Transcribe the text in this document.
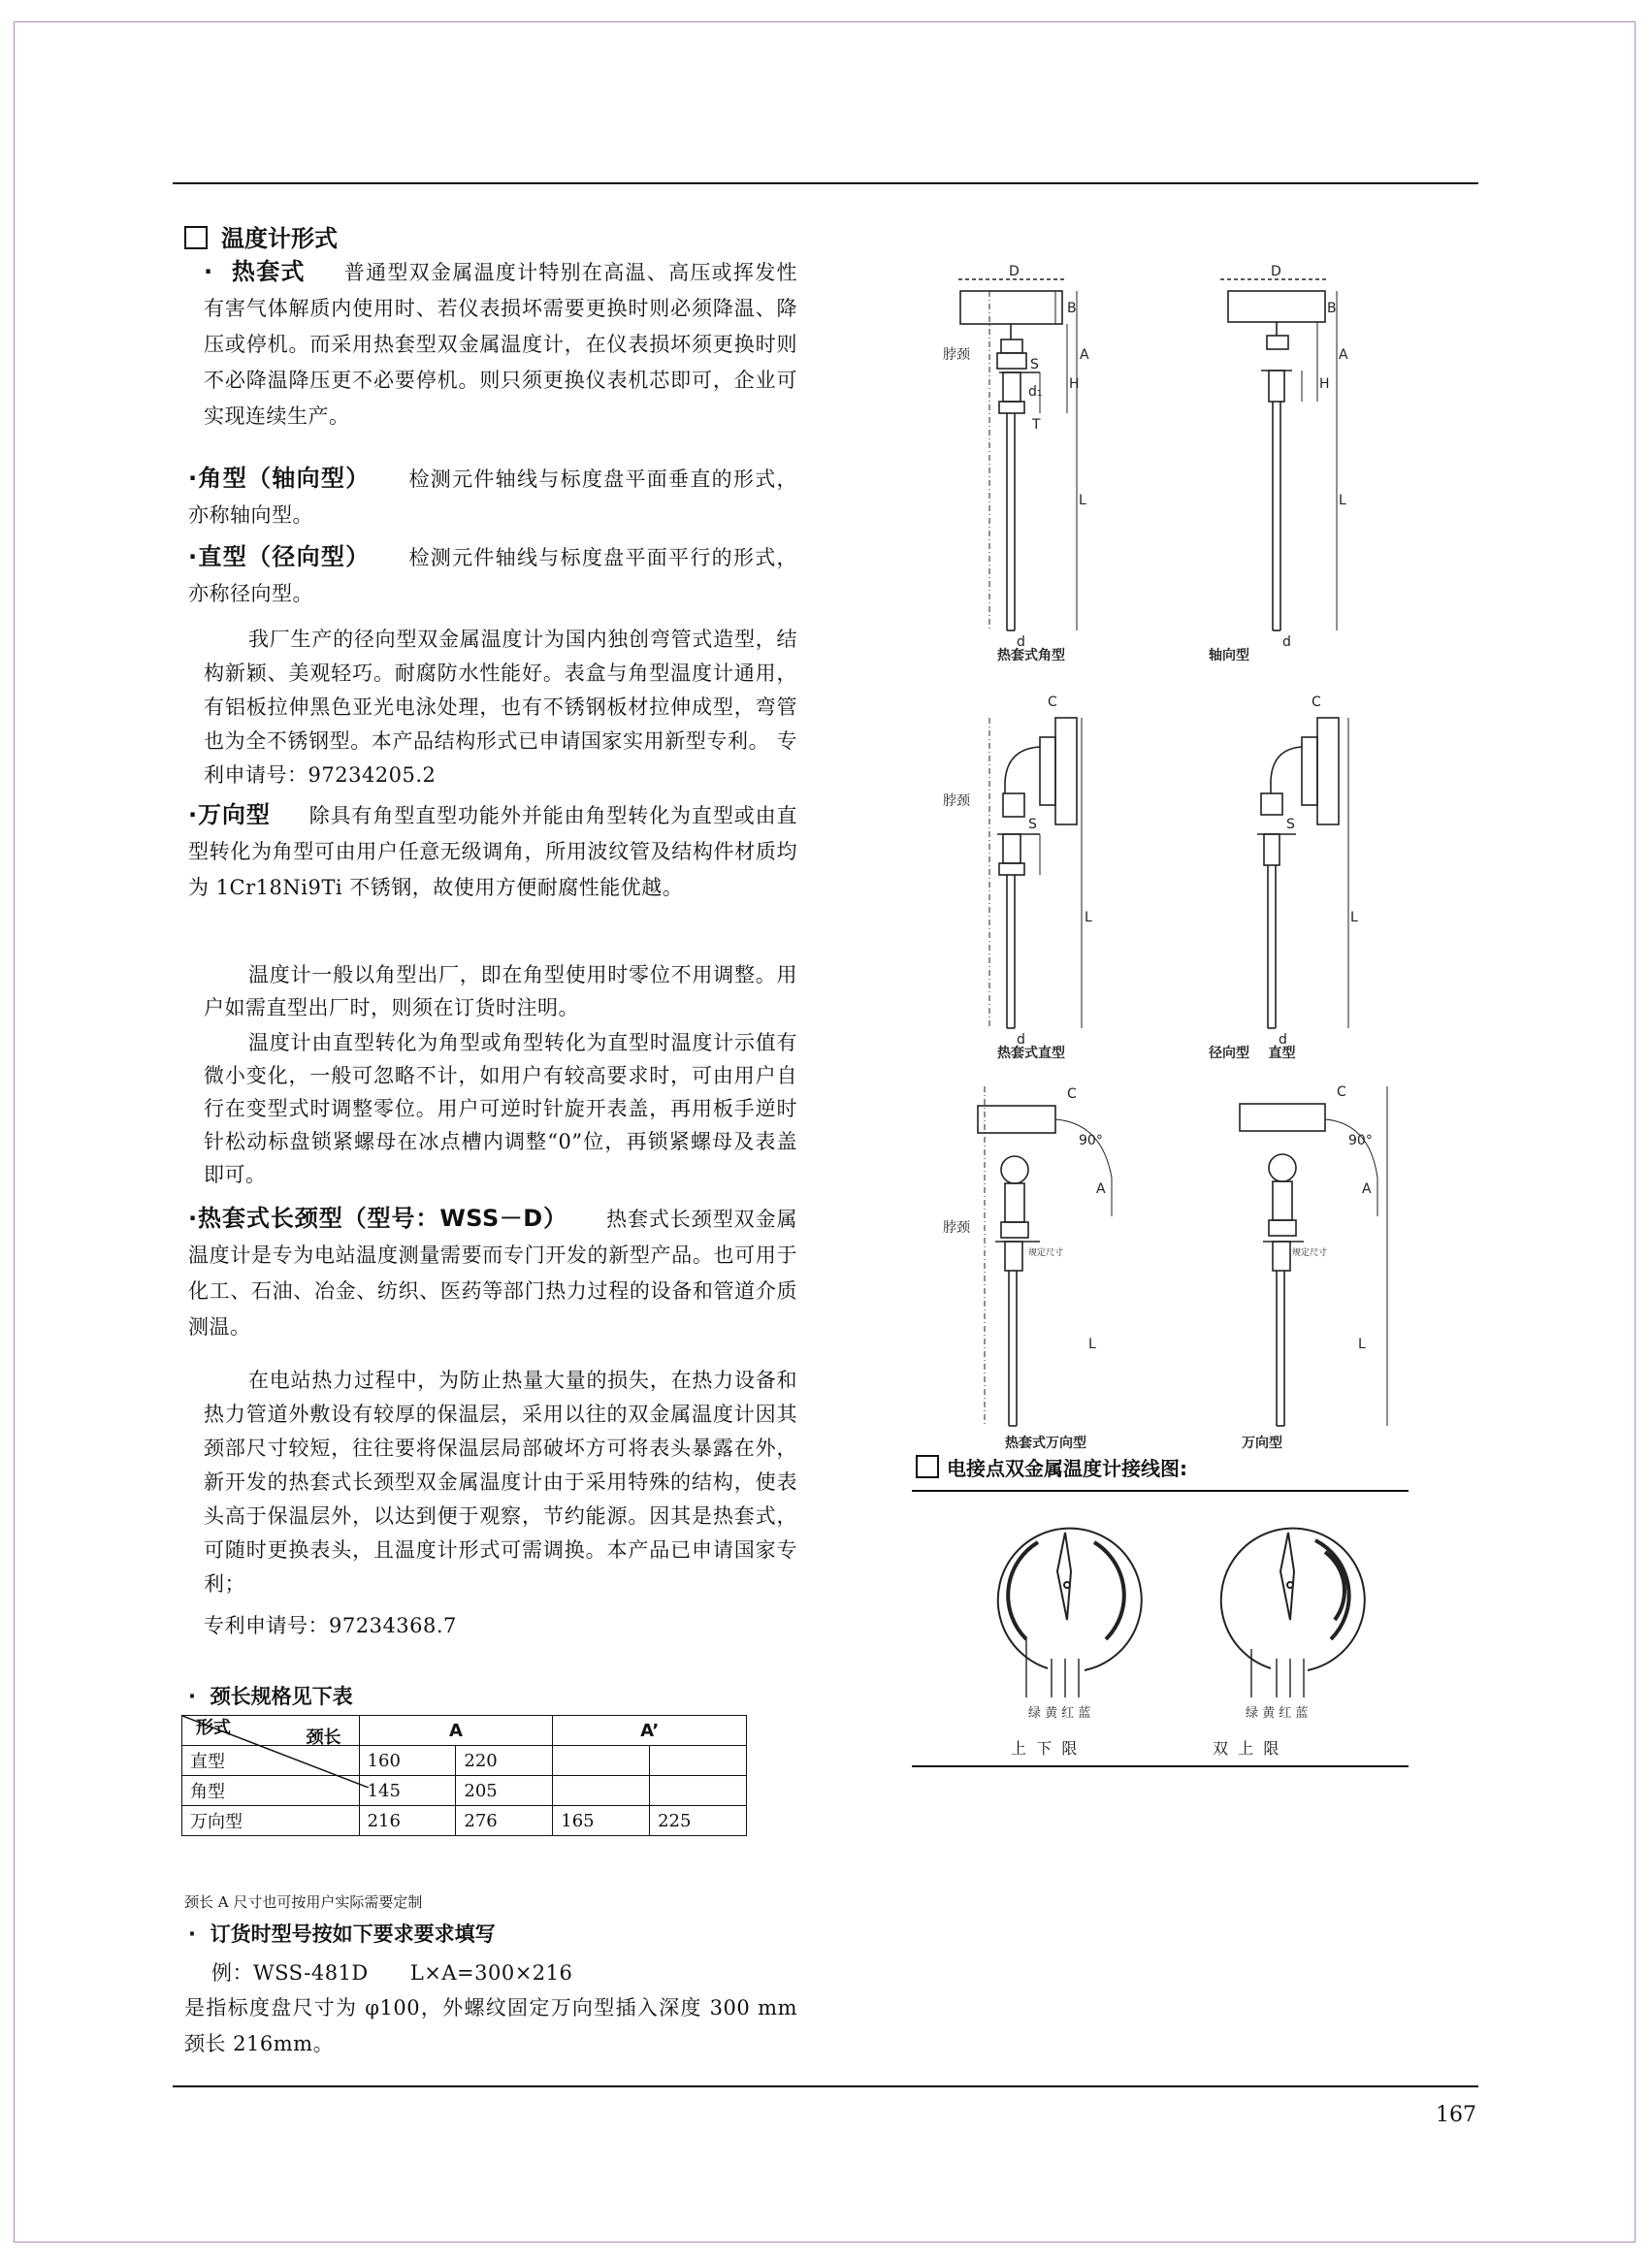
温度计形式
· 热套式 普通型双金属温度计特别在高温、高压或挥发性有害气体解质内使用时、若仪表损坏需要更换时则必须降温、降压或停机。而采用热套型双金属温度计，在仪表损坏须更换时则不必降温降压更不必要停机。则只须更换仪表机芯即可，企业可实现连续生产。
·角型（轴向型） 检测元件轴线与标度盘平面垂直的形式，亦称轴向型。
·直型（径向型） 检测元件轴线与标度盘平面平行的形式，亦称径向型。
我厂生产的径向型双金属温度计为国内独创弯管式造型，结构新颖、美观轻巧。耐腐防水性能好。表盒与角型温度计通用，有铝板拉伸黑色亚光电泳处理，也有不锈钢板材拉伸成型，弯管也为全不锈钢型。本产品结构形式已申请国家实用新型专利。 专利申请号：97234205.2
·万向型 除具有角型直型功能外并能由角型转化为直型或由直型转化为角型可由用户任意无级调角，所用波纹管及结构件材质均为 1Cr18Ni9Ti 不锈钢，故使用方便耐腐性能优越。
温度计一般以角型出厂，即在角型使用时零位不用调整。用户如需直型出厂时，则须在订货时注明。
温度计由直型转化为角型或角型转化为直型时温度计示值有微小变化，一般可忽略不计，如用户有较高要求时，可由用户自行在变型式时调整零位。用户可逆时针旋开表盖，再用板手逆时针松动标盘锁紧螺母在冰点槽内调整“0”位，再锁紧螺母及表盖即可。
·热套式长颈型（型号：WSS－D） 热套式长颈型双金属温度计是专为电站温度测量需要而专门开发的新型产品。也可用于化工、石油、冶金、纺织、医药等部门热力过程的设备和管道介质测温。
在电站热力过程中，为防止热量大量的损失，在热力设备和热力管道外敷设有较厚的保温层，采用以往的双金属温度计因其颈部尺寸较短，往往要将保温层局部破坏方可将表头暴露在外，新开发的热套式长颈型双金属温度计由于采用特殊的结构，使表头高于保温层外，以达到便于观察，节约能源。因其是热套式，可随时更换表头，且温度计形式可需调换。本产品已申请国家专利；
专利申请号：97234368.7
· 颈长规格见下表
颈长
形式	A		A’	
直型	160	220		
角型	145	205		
万向型	216	276	165	225
颈长 A 尺寸也可按用户实际需要定制
· 订货时型号按如下要求要求填写
例：WSS-481D      L×A=300×216
是指标度盘尺寸为 φ100，外螺纹固定万向型插入深度 300 mm 颈长 216mm。
D
B
A
H
脖颈
S
d₁
T
L
d
D
B
A
H
L
d
C
脖颈
S
L
d
C
S
L
d
C
90°
A
脖颈
规定尺寸
L
C
90°
A
规定尺寸
L
热套式角型	轴向型
热套式直型	径向型    直型
热套式万向型	万向型
电接点双金属温度计接线图:
绿 黄 红 蓝	绿 黄 红 蓝
上  下  限	双  上  限
167
